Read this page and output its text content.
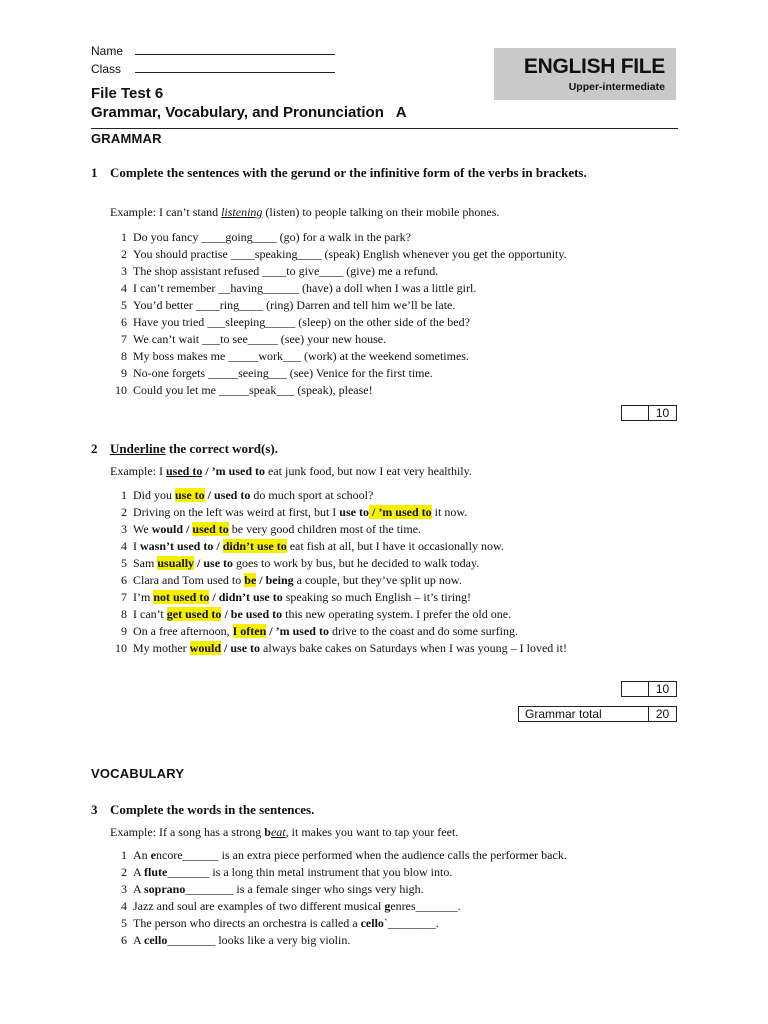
Name
Class	ENGLISH FILE
Upper-intermediate
File Test 6
Grammar, Vocabulary, and Pronunciation   A
GRAMMAR
1 Complete the sentences with the gerund or the infinitive form of the verbs in brackets.
Example: I can’t stand listening (listen) to people talking on their mobile phones.
1 Do you fancy ____going____ (go) for a walk in the park?
2 You should practise ____speaking____ (speak) English whenever you get the opportunity.
3 The shop assistant refused ____to give____ (give) me a refund.
4 I can’t remember __having______ (have) a doll when I was a little girl.
5 You’d better ____ring____ (ring) Darren and tell him we’ll be late.
6 Have you tried ___sleeping_____ (sleep) on the other side of the bed?
7 We can’t wait ___to see_____ (see) your new house.
8 My boss makes me _____work___ (work) at the weekend sometimes.
9 No-one forgets _____seeing___ (see) Venice for the first time.
10 Could you let me _____speak___ (speak), please!
10
2 Underline the correct word(s).
Example: I used to / ’m used to eat junk food, but now I eat very healthily.
1 Did you use to / used to do much sport at school?
2 Driving on the left was weird at first, but I use to / ’m used to it now.
3 We would / used to be very good children most of the time.
4 I wasn’t used to / didn’t use to eat fish at all, but I have it occasionally now.
5 Sam usually / use to goes to work by bus, but he decided to walk today.
6 Clara and Tom used to be / being a couple, but they’ve split up now.
7 I’m not used to / didn’t use to speaking so much English – it’s tiring!
8 I can’t get used to / be used to this new operating system. I prefer the old one.
9 On a free afternoon, I often / ’m used to drive to the coast and do some surfing.
10 My mother would / use to always bake cakes on Saturdays when I was young – I loved it!
10
Grammar total	20
VOCABULARY
3 Complete the words in the sentences.
Example: If a song has a strong beat, it makes you want to tap your feet.
1 An encore______ is an extra piece performed when the audience calls the performer back.
2 A flute_______ is a long thin metal instrument that you blow into.
3 A soprano________ is a female singer who sings very high.
4 Jazz and soul are examples of two different musical genres_______.
5 The person who directs an orchestra is called a cello`________.
6 A cello________ looks like a very big violin.
